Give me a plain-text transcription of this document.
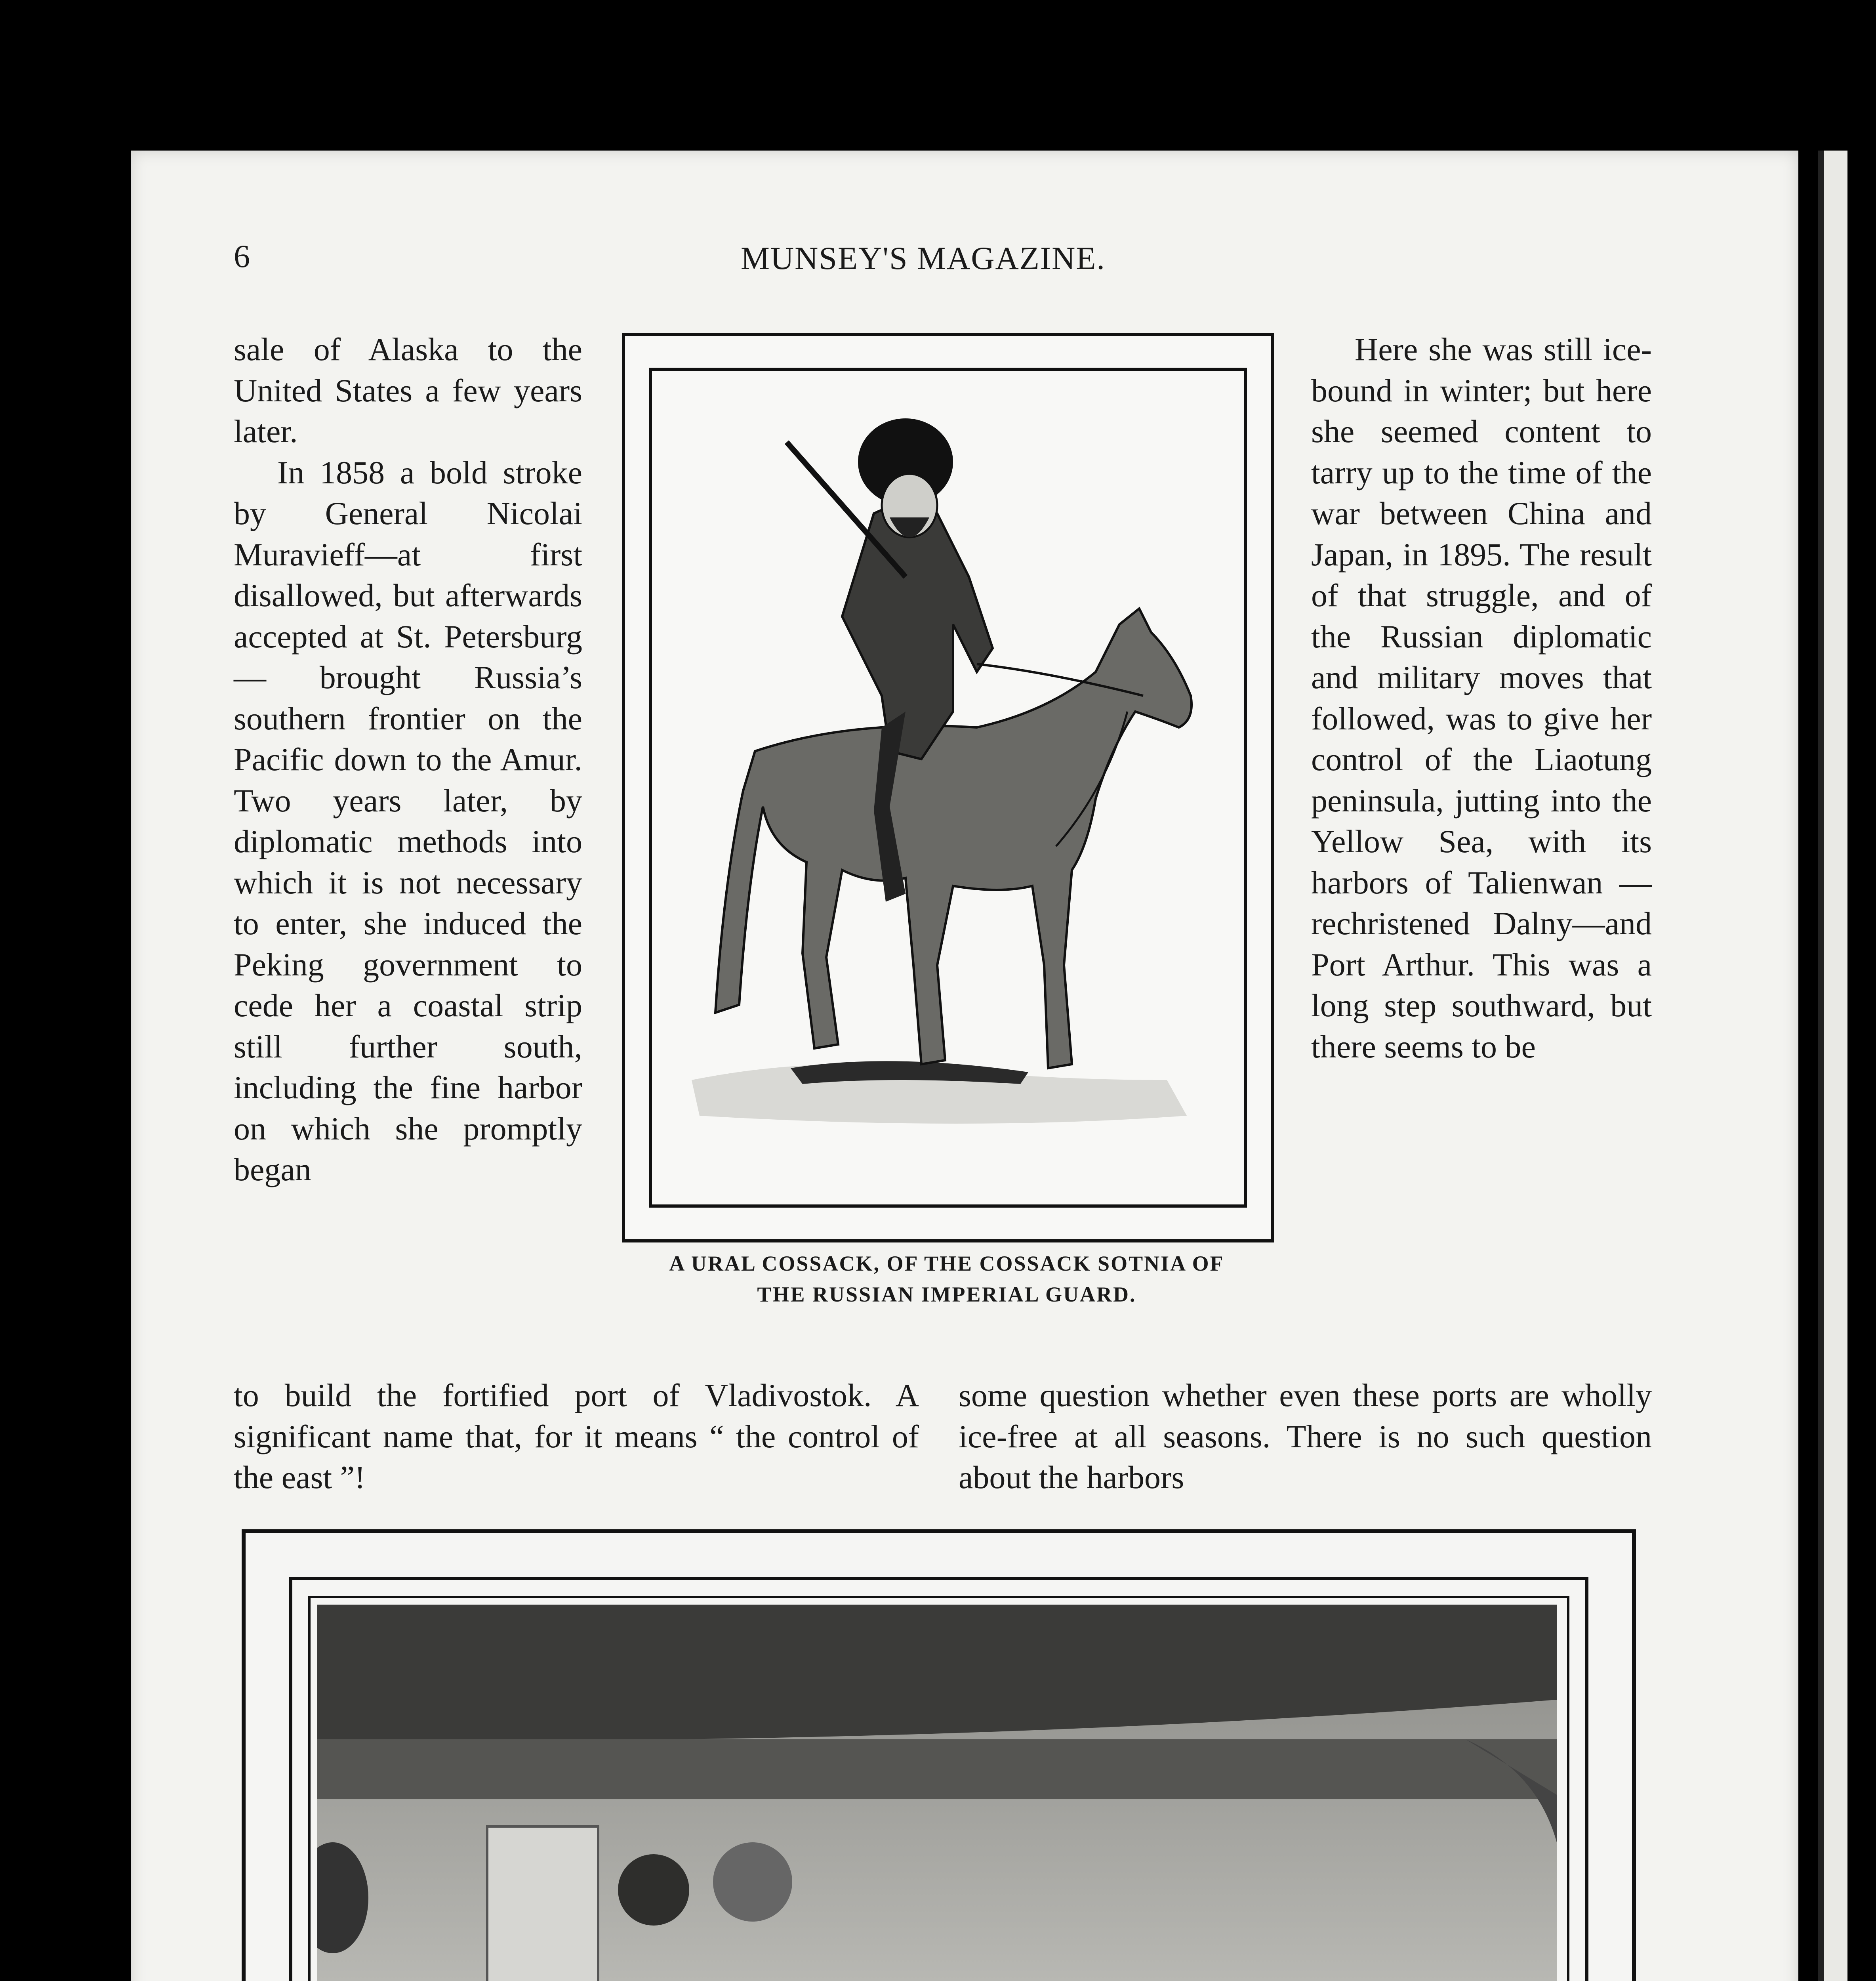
6	MUNSEY'S MAGAZINE.

sale of Alaska to the United States a few years later.

In 1858 a bold stroke by General Nicolai Muravieff—at first disallowed, but afterwards accepted at St. Petersburg — brought Russia’s southern frontier on the Pacific down to the Amur. Two years later, by diplomatic methods into which it is not necessary to enter, she induced the Peking government to cede her a coastal strip still further south, including the fine harbor on which she promptly began

A URAL COSSACK, OF THE COSSACK SOTNIA OF
THE RUSSIAN IMPERIAL GUARD.

Here she was still ice-bound in winter; but here she seemed content to tarry up to the time of the war between China and Japan, in 1895. The result of that struggle, and of the Russian diplomatic and military moves that followed, was to give her control of the Liaotung peninsula, jutting into the Yellow Sea, with its harbors of Talienwan — rechristened Dalny—and Port Arthur. This was a long step southward, but there seems to be

to build the fortified port of Vladivostok. A significant name that, for it means “ the control of the east ”!
some question whether even these ports are wholly ice-free at all seasons. There is no such question about the harbors
